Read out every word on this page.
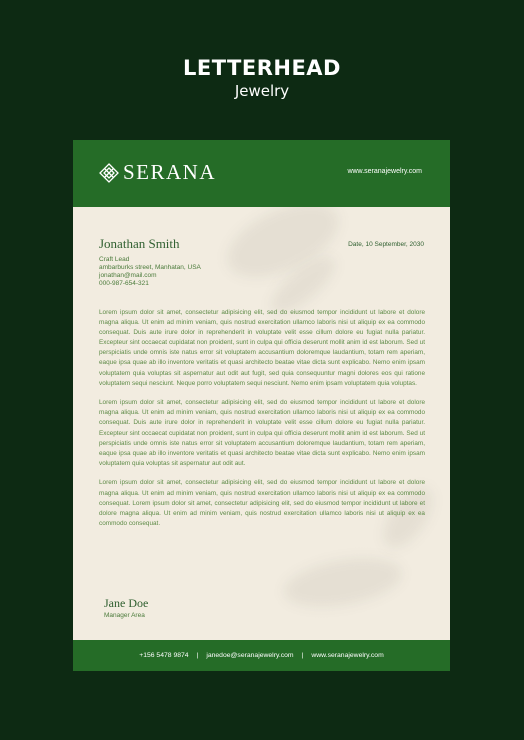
LETTERHEAD
Jewelry
SERANA	www.seranajewelry.com
Jonathan Smith	Date, 10 September, 2030
Craft Lead
ambarburks street, Manhatan, USA
jonathan@mail.com
000-987-654-321

Lorem ipsum dolor sit amet, consectetur adipisicing elit, sed do eiusmod tempor incididunt ut labore et dolore magna aliqua. Ut enim ad minim veniam, quis nostrud exercitation ullamco laboris nisi ut aliquip ex ea commodo consequat. Duis aute irure dolor in reprehenderit in voluptate velit esse cillum dolore eu fugiat nulla pariatur. Excepteur sint occaecat cupidatat non proident, sunt in culpa qui officia deserunt mollit anim id est laborum. Sed ut perspiciatis unde omnis iste natus error sit voluptatem accusantium doloremque laudantium, totam rem aperiam, eaque ipsa quae ab illo inventore veritatis et quasi architecto beatae vitae dicta sunt explicabo. Nemo enim ipsam voluptatem quia voluptas sit aspernatur aut odit aut fugit, sed quia consequuntur magni dolores eos qui ratione voluptatem sequi nesciunt. Neque porro voluptatem sequi nesciunt. Nemo enim ipsam voluptatem quia voluptas.

Lorem ipsum dolor sit amet, consectetur adipisicing elit, sed do eiusmod tempor incididunt ut labore et dolore magna aliqua. Ut enim ad minim veniam, quis nostrud exercitation ullamco laboris nisi ut aliquip ex ea commodo consequat. Duis aute irure dolor in reprehenderit in voluptate velit esse cillum dolore eu fugiat nulla pariatur. Excepteur sint occaecat cupidatat non proident, sunt in culpa qui officia deserunt mollit anim id est laborum. Sed ut perspiciatis unde omnis iste natus error sit voluptatem accusantium doloremque laudantium, totam rem aperiam, eaque ipsa quae ab illo inventore veritatis et quasi architecto beatae vitae dicta sunt explicabo. Nemo enim ipsam voluptatem quia voluptas sit aspernatur aut odit aut.

Lorem ipsum dolor sit amet, consectetur adipisicing elit, sed do eiusmod tempor incididunt ut labore et dolore magna aliqua. Ut enim ad minim veniam, quis nostrud exercitation ullamco laboris nisi ut aliquip ex ea commodo consequat. Lorem ipsum dolor sit amet, consectetur adipisicing elit, sed do eiusmod tempor incididunt ut labore et dolore magna aliqua. Ut enim ad minim veniam, quis nostrud exercitation ullamco laboris nisi ut aliquip ex ea commodo consequat.

Jane Doe
Manager Area
+156 5478 9874 | janedoe@seranajewelry.com | www.seranajewelry.com
